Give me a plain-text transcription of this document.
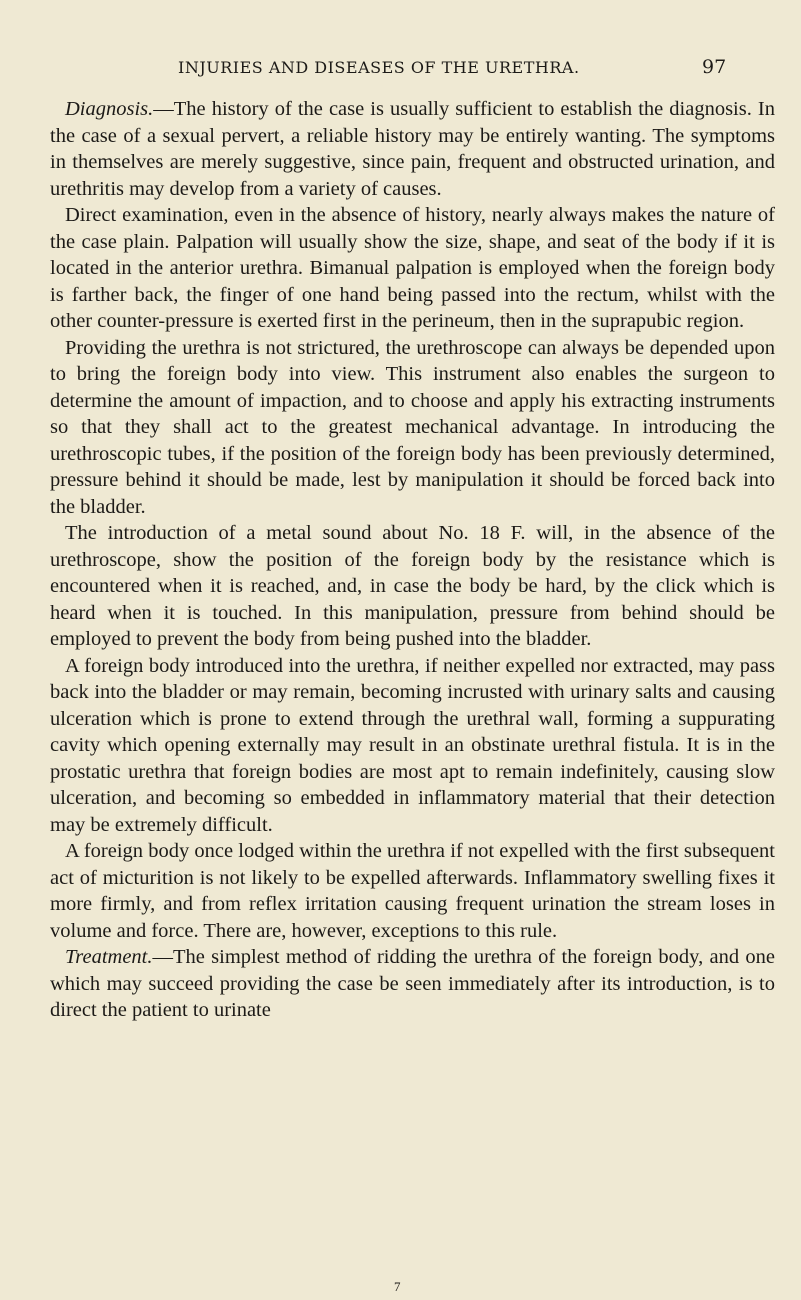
INJURIES AND DISEASES OF THE URETHRA.	97

Diagnosis.—The history of the case is usually sufficient to establish the diagnosis. In the case of a sexual pervert, a reliable history may be entirely wanting. The symptoms in themselves are merely suggestive, since pain, frequent and obstructed urination, and urethritis may develop from a variety of causes.

Direct examination, even in the absence of history, nearly always makes the nature of the case plain. Palpation will usually show the size, shape, and seat of the body if it is located in the anterior urethra. Bimanual palpation is employed when the foreign body is farther back, the finger of one hand being passed into the rectum, whilst with the other counter-pressure is exerted first in the perineum, then in the suprapubic region.

Providing the urethra is not strictured, the urethroscope can always be depended upon to bring the foreign body into view. This instrument also enables the surgeon to determine the amount of impaction, and to choose and apply his extracting instruments so that they shall act to the greatest mechanical advantage. In introducing the urethroscopic tubes, if the position of the foreign body has been previously determined, pressure behind it should be made, lest by manipulation it should be forced back into the bladder.

The introduction of a metal sound about No. 18 F. will, in the absence of the urethroscope, show the position of the foreign body by the resistance which is encountered when it is reached, and, in case the body be hard, by the click which is heard when it is touched. In this manipulation, pressure from behind should be employed to prevent the body from being pushed into the bladder.

A foreign body introduced into the urethra, if neither expelled nor extracted, may pass back into the bladder or may remain, becoming incrusted with urinary salts and causing ulceration which is prone to extend through the urethral wall, forming a suppurating cavity which opening externally may result in an obstinate urethral fistula. It is in the prostatic urethra that foreign bodies are most apt to remain indefinitely, causing slow ulceration, and becoming so embedded in inflammatory material that their detection may be extremely difficult.

A foreign body once lodged within the urethra if not expelled with the first subsequent act of micturition is not likely to be expelled afterwards. Inflammatory swelling fixes it more firmly, and from reflex irritation causing frequent urination the stream loses in volume and force. There are, however, exceptions to this rule.

Treatment.—The simplest method of ridding the urethra of the foreign body, and one which may succeed providing the case be seen immediately after its introduction, is to direct the patient to urinate

7
